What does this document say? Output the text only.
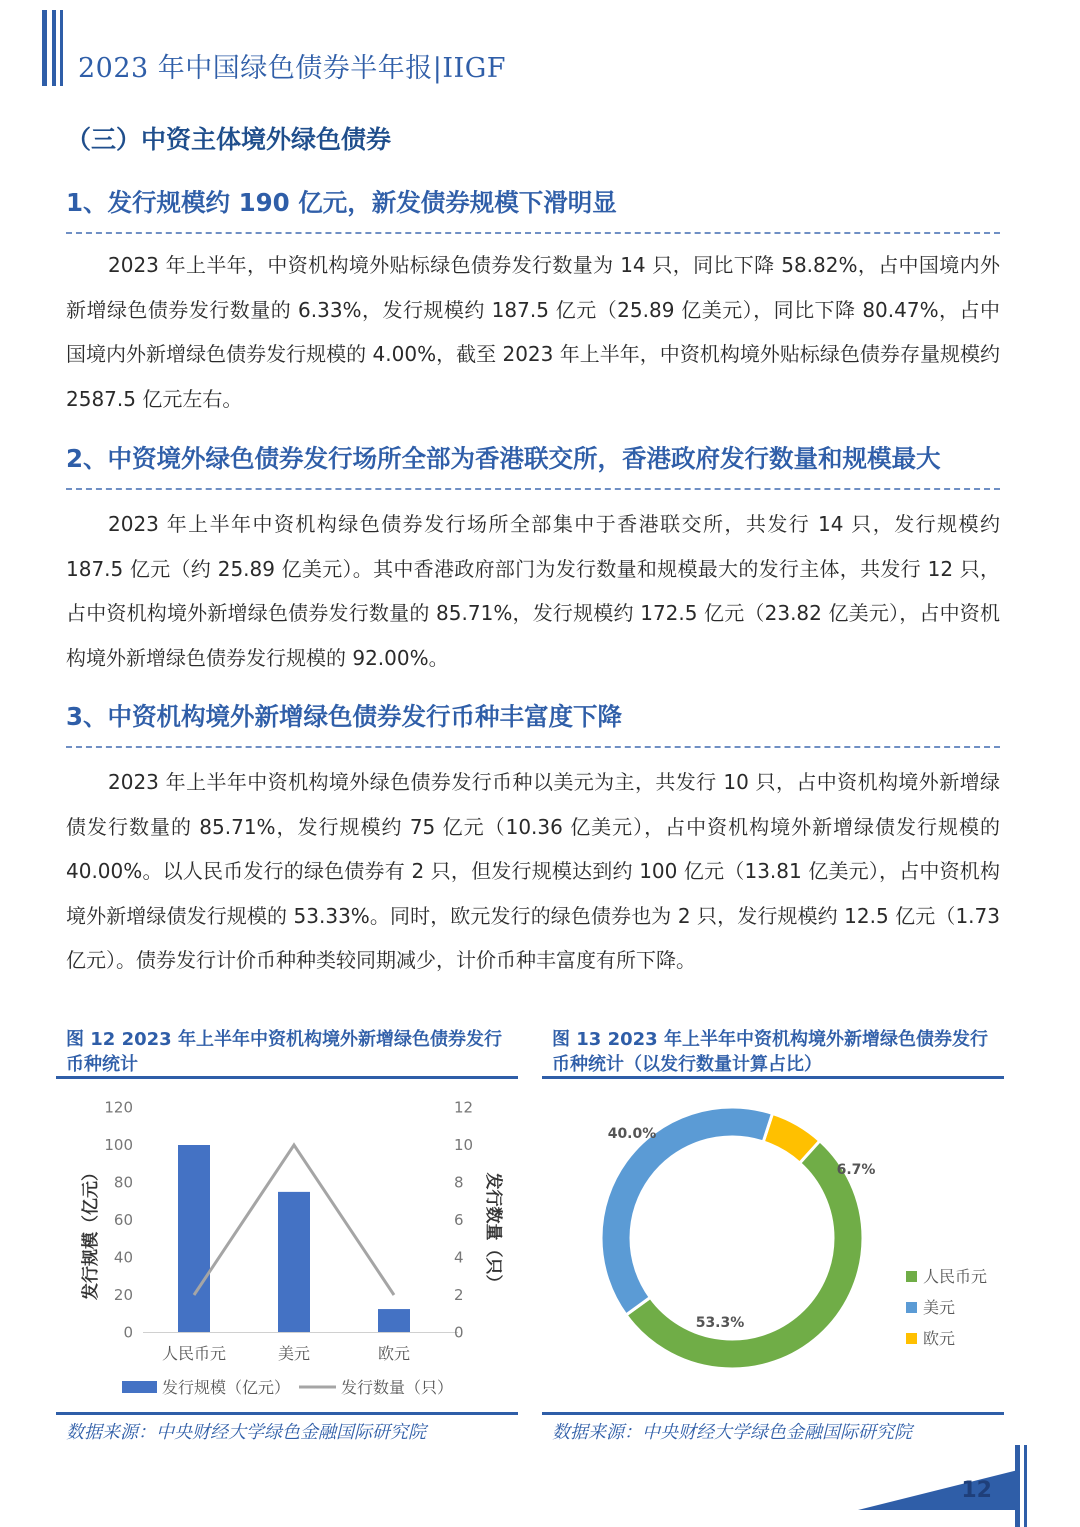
2023 年中国绿色债券半年报|IIGF
（三）中资主体境外绿色债券
1、发行规模约 190 亿元，新发债券规模下滑明显
2023 年上半年，中资机构境外贴标绿色债券发行数量为 14 只，同比下降 58.82%，占中国境内外新增绿色债券发行数量的 6.33%，发行规模约 187.5 亿元（25.89 亿美元），同比下降 80.47%，占中国境内外新增绿色债券发行规模的 4.00%，截至 2023 年上半年，中资机构境外贴标绿色债券存量规模约 2587.5 亿元左右。
2、中资境外绿色债券发行场所全部为香港联交所，香港政府发行数量和规模最大
2023 年上半年中资机构绿色债券发行场所全部集中于香港联交所，共发行 14 只，发行规模约 187.5 亿元（约 25.89 亿美元）。其中香港政府部门为发行数量和规模最大的发行主体，共发行 12 只，占中资机构境外新增绿色债券发行数量的 85.71%，发行规模约 172.5 亿元（23.82 亿美元），占中资机构境外新增绿色债券发行规模的 92.00%。
3、中资机构境外新增绿色债券发行币种丰富度下降
2023 年上半年中资机构境外绿色债券发行币种以美元为主，共发行 10 只，占中资机构境外新增绿债发行数量的 85.71%，发行规模约 75 亿元（10.36 亿美元），占中资机构境外新增绿债发行规模的 40.00%。以人民币发行的绿色债券有 2 只，但发行规模达到约 100 亿元（13.81 亿美元），占中资机构境外新增绿债发行规模的 53.33%。同时，欧元发行的绿色债券也为 2 只，发行规模约 12.5 亿元（1.73 亿元）。债券发行计价币种种类较同期减少，计价币种丰富度有所下降。
图 12 2023 年上半年中资机构境外新增绿色债券发行币种统计
0
20
40
60
80
100
120
0
2
4
6
8
10
12
人民币元	美元	欧元
发行规模（亿元）	发行数量（只）
发行规模（亿元）	发行数量（只）
数据来源：中央财经大学绿色金融国际研究院
图 13 2023 年上半年中资机构境外新增绿色债券发行币种统计（以发行数量计算占比）
53.3%
40.0%
6.7%
人民币元
美元
欧元
数据来源：中央财经大学绿色金融国际研究院
12
